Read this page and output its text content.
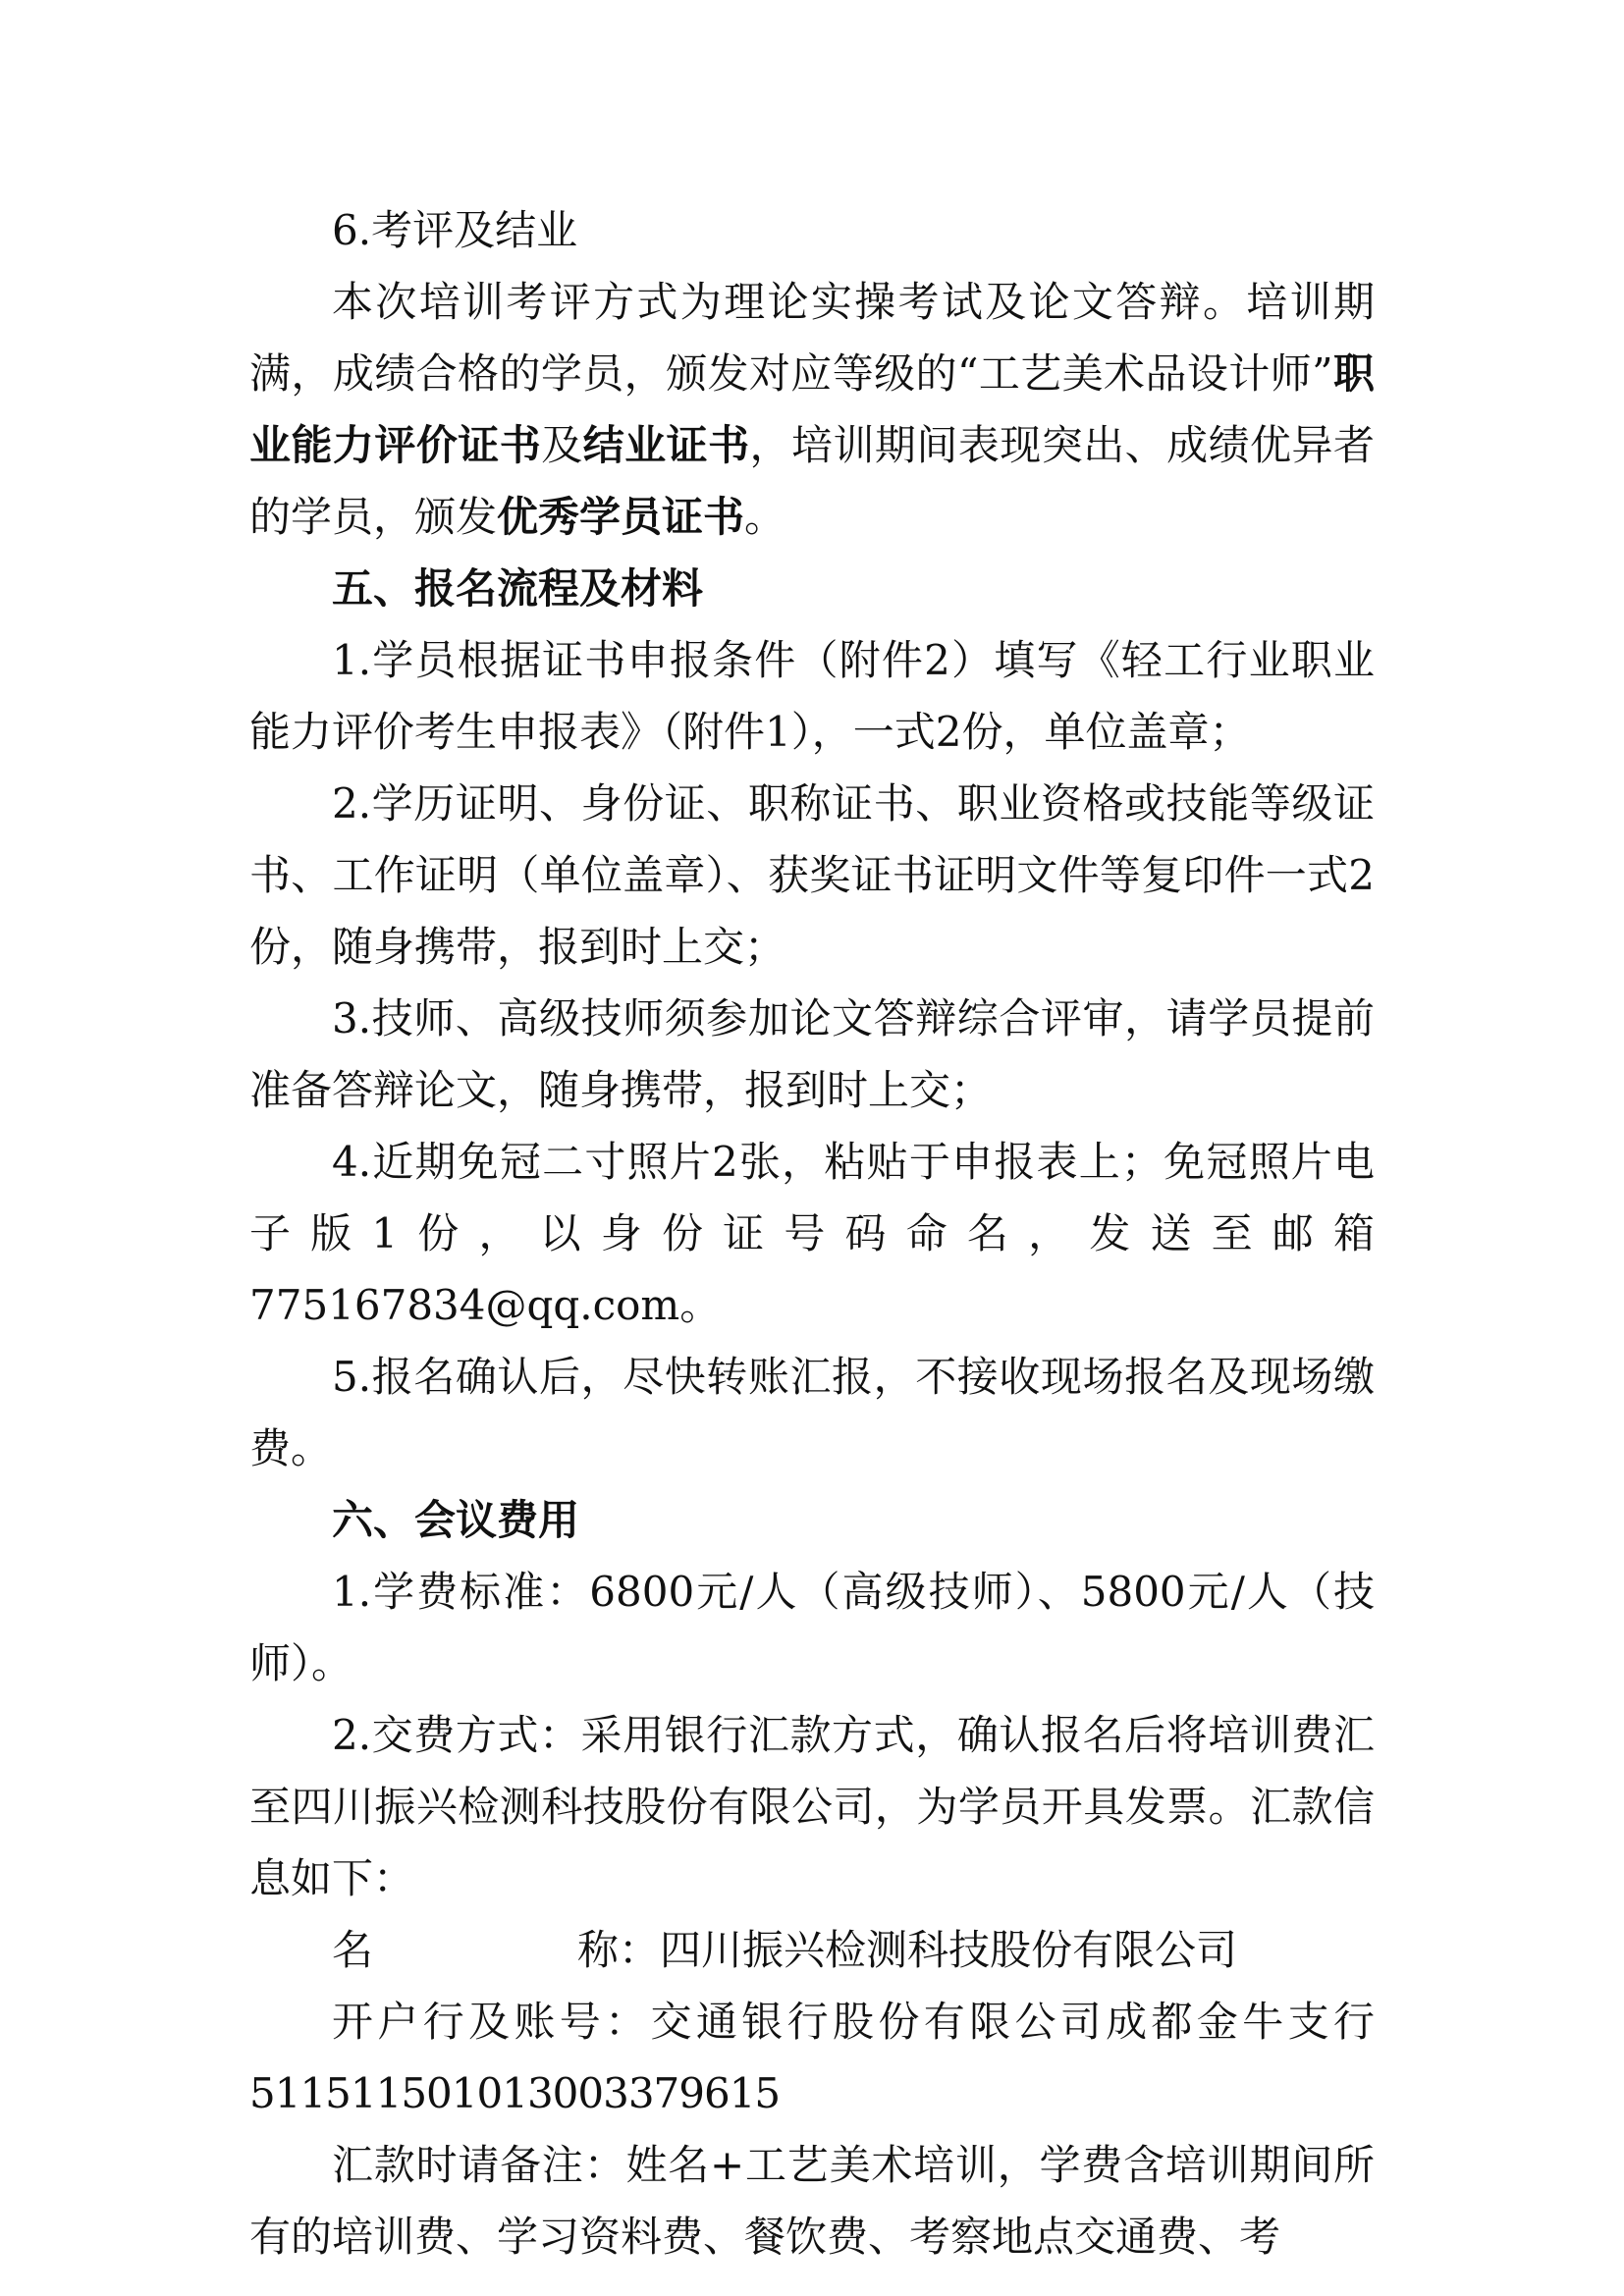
6.考评及结业

本次培训考评方式为理论实操考试及论文答辩。培训期满，成绩合格的学员，颁发对应等级的“工艺美术品设计师”职业能力评价证书及结业证书，培训期间表现突出、成绩优异者的学员，颁发优秀学员证书。

五、报名流程及材料

1.学员根据证书申报条件（附件2）填写《轻工行业职业能力评价考生申报表》（附件1），一式2份，单位盖章；

2.学历证明、身份证、职称证书、职业资格或技能等级证书、工作证明（单位盖章）、获奖证书证明文件等复印件一式2份，随身携带，报到时上交；

3.技师、高级技师须参加论文答辩综合评审，请学员提前准备答辩论文，随身携带，报到时上交；

4.近期免冠二寸照片2张，粘贴于申报表上；免冠照片电子版1份，以身份证号码命名，发送至邮箱

775167834@qq.com。

5.报名确认后，尽快转账汇报，不接收现场报名及现场缴费。

六、会议费用

1.学费标准：6800元/人（高级技师）、5800元/人（技师）。

2.交费方式：采用银行汇款方式，确认报名后将培训费汇至四川振兴检测科技股份有限公司，为学员开具发票。汇款信息如下：

名	称： 四川振兴检测科技股份有限公司

开户行及账号：交通银行股份有限公司成都金牛支行

511511501013003379615

汇款时请备注：姓名+工艺美术培训，学费含培训期间所有的培训费、学习资料费、餐饮费、考察地点交通费、考
